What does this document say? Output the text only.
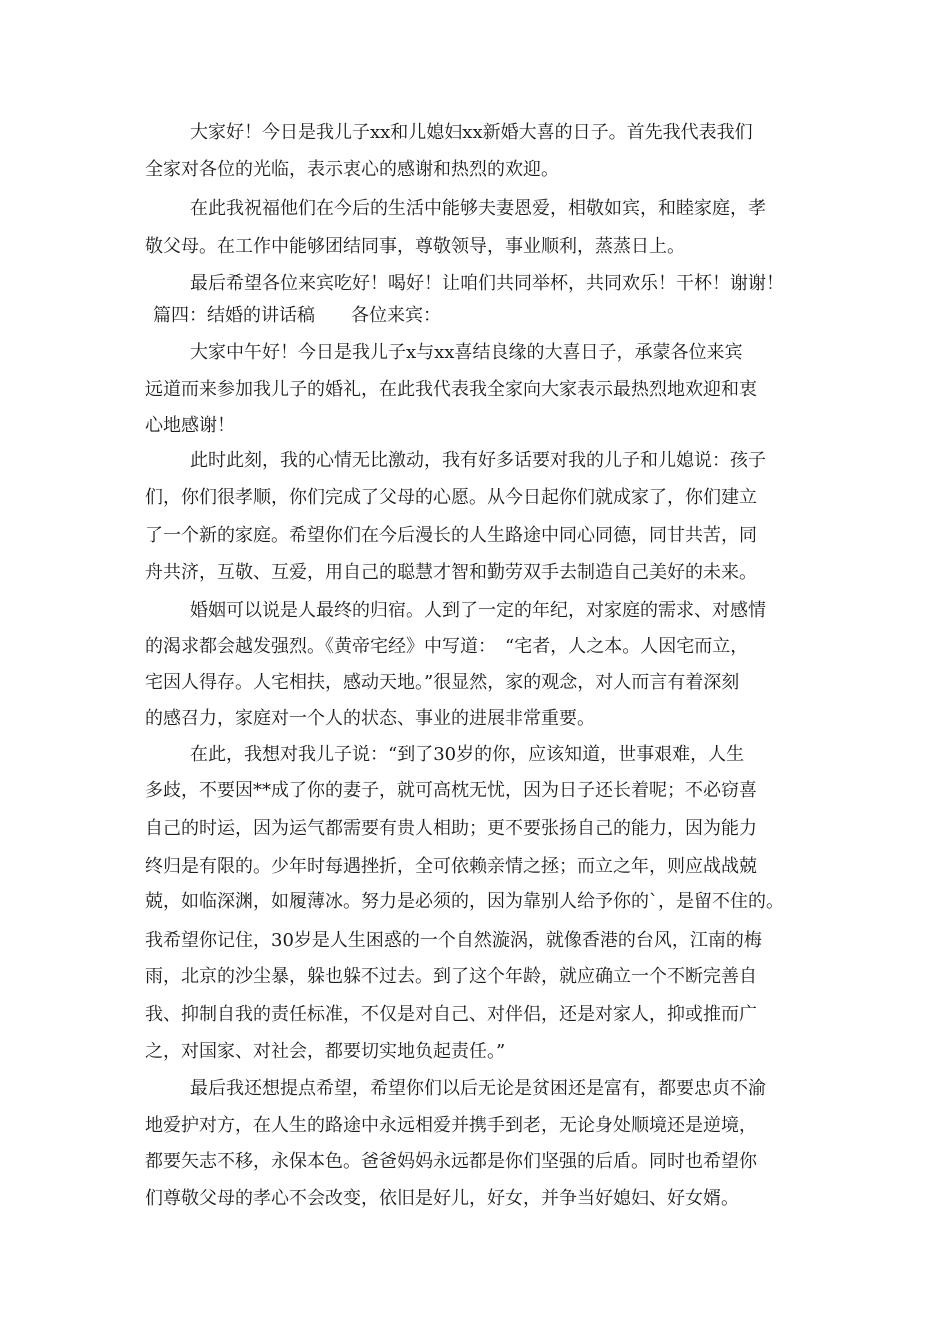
大家好！今日是我儿子xx和儿媳妇xx新婚大喜的日子。首先我代表我们

全家对各位的光临，表示衷心的感谢和热烈的欢迎。

在此我祝福他们在今后的生活中能够夫妻恩爱，相敬如宾，和睦家庭，孝

敬父母。在工作中能够团结同事，尊敬领导，事业顺利，蒸蒸日上。

最后希望各位来宾吃好！喝好！让咱们共同举杯，共同欢乐！干杯！谢谢！

篇四：结婚的讲话稿　　各位来宾：

大家中午好！今日是我儿子x与xx喜结良缘的大喜日子，承蒙各位来宾

远道而来参加我儿子的婚礼，在此我代表我全家向大家表示最热烈地欢迎和衷

心地感谢！

此时此刻，我的心情无比激动，我有好多话要对我的儿子和儿媳说：孩子

们，你们很孝顺，你们完成了父母的心愿。从今日起你们就成家了，你们建立

了一个新的家庭。希望你们在今后漫长的人生路途中同心同德，同甘共苦，同

舟共济，互敬、互爱，用自己的聪慧才智和勤劳双手去制造自己美好的未来。

婚姻可以说是人最终的归宿。人到了一定的年纪，对家庭的需求、对感情

的渴求都会越发强烈。《黄帝宅经》中写道：　“宅者，人之本。人因宅而立，

宅因人得存。人宅相扶，感动天地。”很显然，家的观念，对人而言有着深刻

的感召力，家庭对一个人的状态、事业的进展非常重要。

在此，我想对我儿子说：“到了30岁的你，应该知道，世事艰难，人生

多歧，不要因**成了你的妻子，就可高枕无忧，因为日子还长着呢；不必窃喜

自己的时运，因为运气都需要有贵人相助；更不要张扬自己的能力，因为能力

终归是有限的。少年时每遇挫折，全可依赖亲情之拯；而立之年，则应战战兢

兢，如临深渊，如履薄冰。努力是必须的，因为靠别人给予你的`，是留不住的。

我希望你记住，30岁是人生困惑的一个自然漩涡，就像香港的台风，江南的梅

雨，北京的沙尘暴，躲也躲不过去。到了这个年龄，就应确立一个不断完善自

我、抑制自我的责任标准，不仅是对自己、对伴侣，还是对家人，抑或推而广

之，对国家、对社会，都要切实地负起责任。”

最后我还想提点希望，希望你们以后无论是贫困还是富有，都要忠贞不渝

地爱护对方，在人生的路途中永远相爱并携手到老，无论身处顺境还是逆境，

都要矢志不移，永保本色。爸爸妈妈永远都是你们坚强的后盾。同时也希望你

们尊敬父母的孝心不会改变，依旧是好儿，好女，并争当好媳妇、好女婿。
